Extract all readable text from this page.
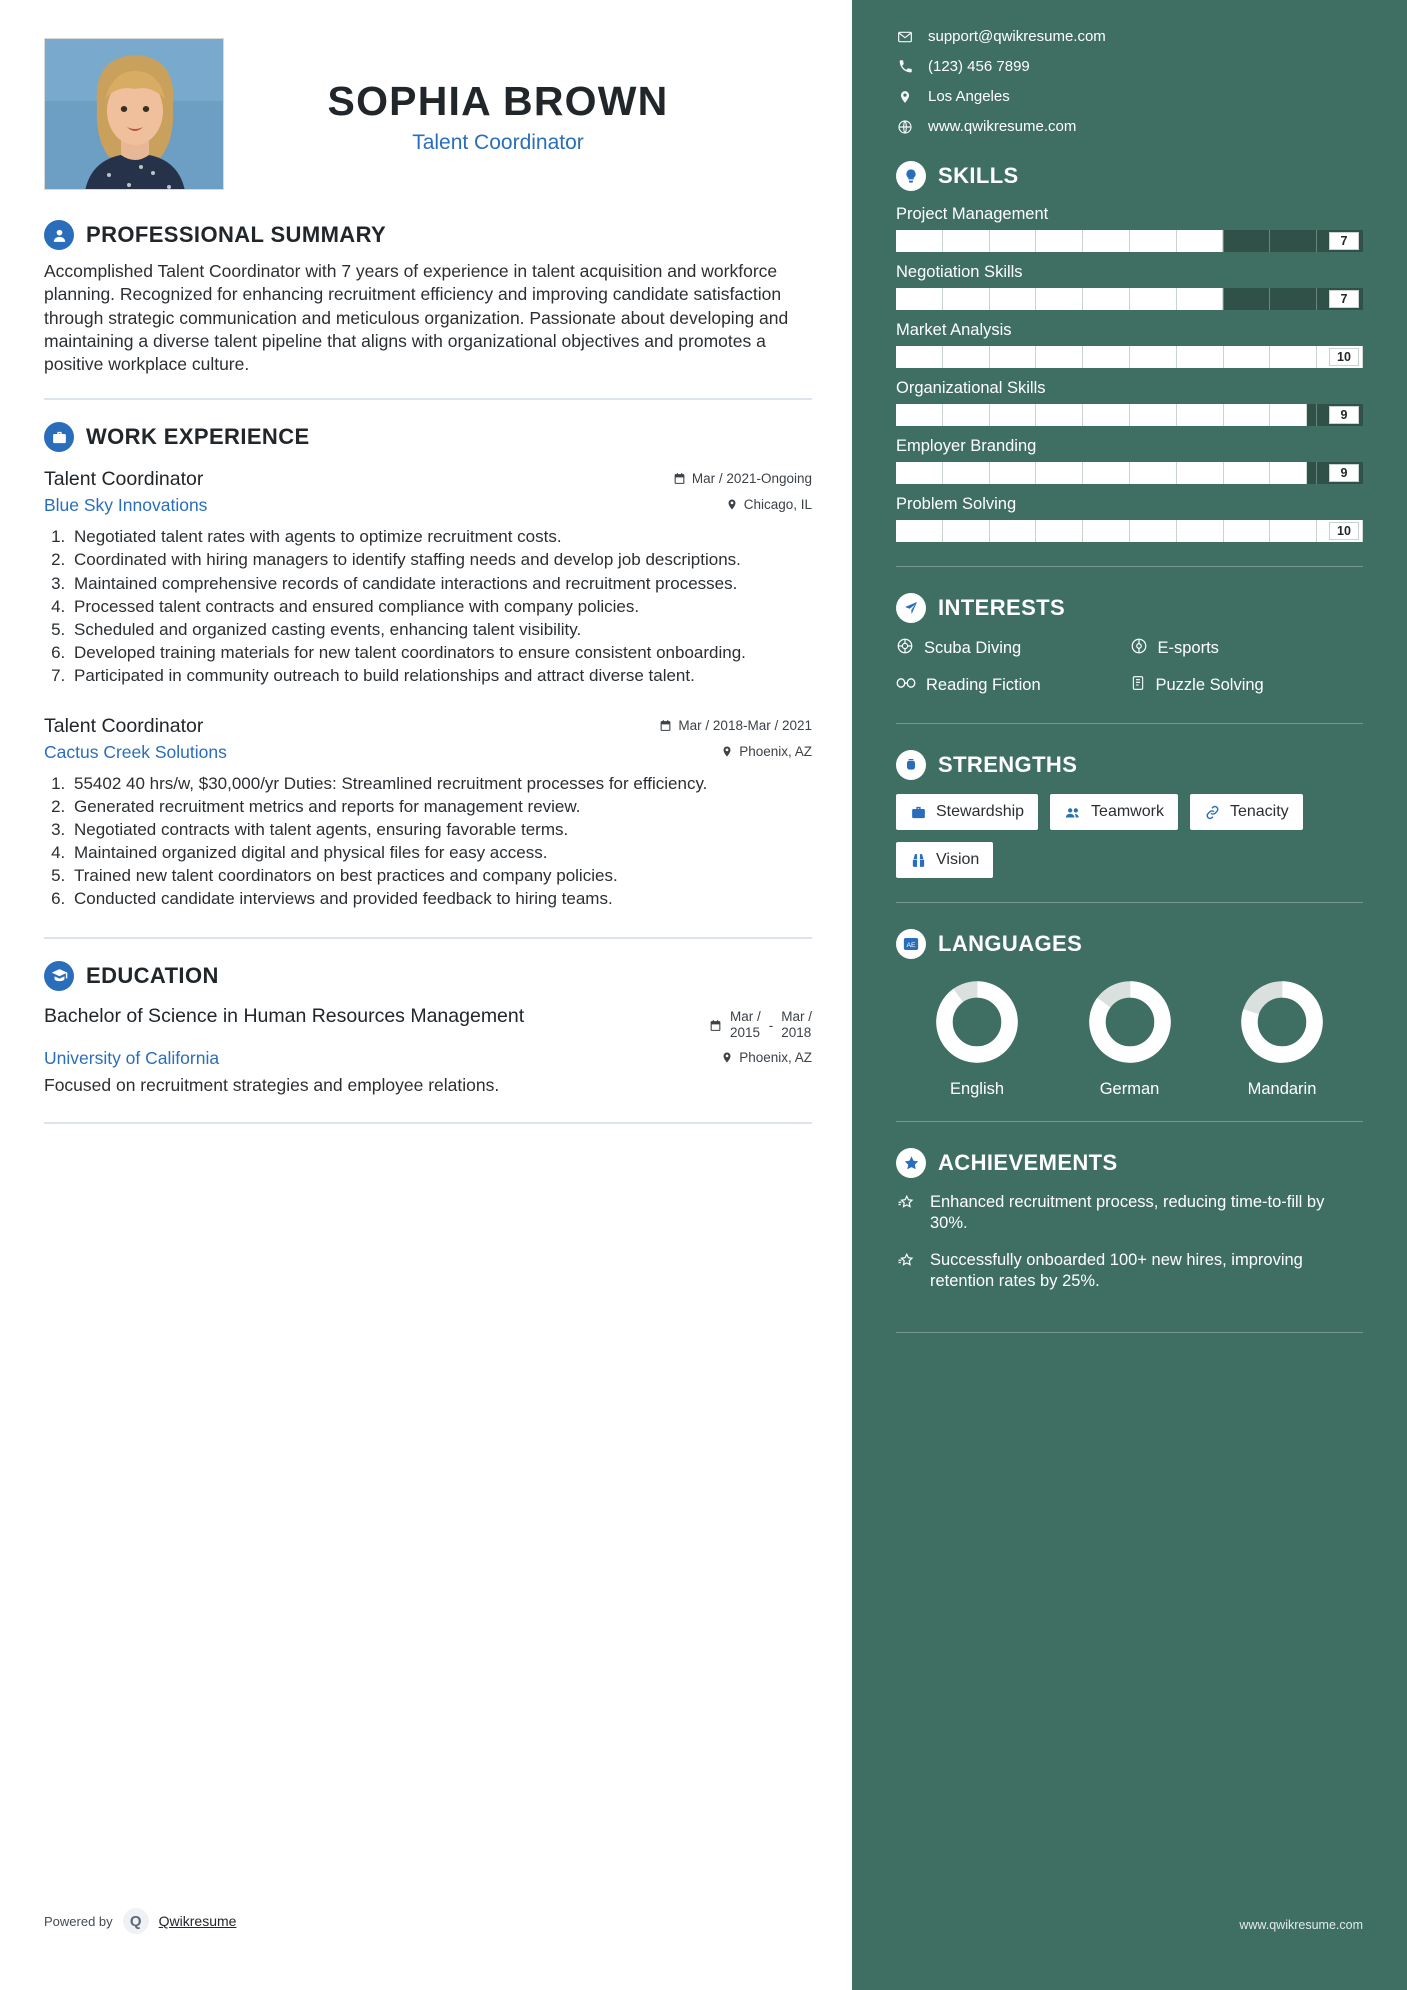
SOPHIA BROWN
Talent Coordinator
PROFESSIONAL SUMMARY
Accomplished Talent Coordinator with 7 years of experience in talent acquisition and workforce planning. Recognized for enhancing recruitment efficiency and improving candidate satisfaction through strategic communication and meticulous organization. Passionate about developing and maintaining a diverse talent pipeline that aligns with organizational objectives and promotes a positive workplace culture.
WORK EXPERIENCE
Talent Coordinator	Mar / 2021-Ongoing
Blue Sky Innovations	Chicago, IL
1. Negotiated talent rates with agents to optimize recruitment costs.
2. Coordinated with hiring managers to identify staffing needs and develop job descriptions.
3. Maintained comprehensive records of candidate interactions and recruitment processes.
4. Processed talent contracts and ensured compliance with company policies.
5. Scheduled and organized casting events, enhancing talent visibility.
6. Developed training materials for new talent coordinators to ensure consistent onboarding.
7. Participated in community outreach to build relationships and attract diverse talent.
Talent Coordinator	Mar / 2018-Mar / 2021
Cactus Creek Solutions	Phoenix, AZ
1. 55402 40 hrs/w, $30,000/yr Duties: Streamlined recruitment processes for efficiency.
2. Generated recruitment metrics and reports for management review.
3. Negotiated contracts with talent agents, ensuring favorable terms.
4. Maintained organized digital and physical files for easy access.
5. Trained new talent coordinators on best practices and company policies.
6. Conducted candidate interviews and provided feedback to hiring teams.
EDUCATION
Bachelor of Science in Human Resources Management	Mar /
2015 -
Mar /
2018
University of California	Phoenix, AZ
Focused on recruitment strategies and employee relations.
Powered by	Q	Qwikresume
support@qwikresume.com
(123) 456 7899
Los Angeles
www.qwikresume.com
SKILLS
Project Management
7
Negotiation Skills
7
Market Analysis
10
Organizational Skills
9
Employer Branding
9
Problem Solving
10
INTERESTS
Scuba Diving	E-sports
Reading Fiction	Puzzle Solving
STRENGTHS
Stewardship	Teamwork	Tenacity
Vision
AE LANGUAGES
English	German	Mandarin
ACHIEVEMENTS
Enhanced recruitment process, reducing time-to-fill by 30%.
Successfully onboarded 100+ new hires, improving retention rates by 25%.
www.qwikresume.com
